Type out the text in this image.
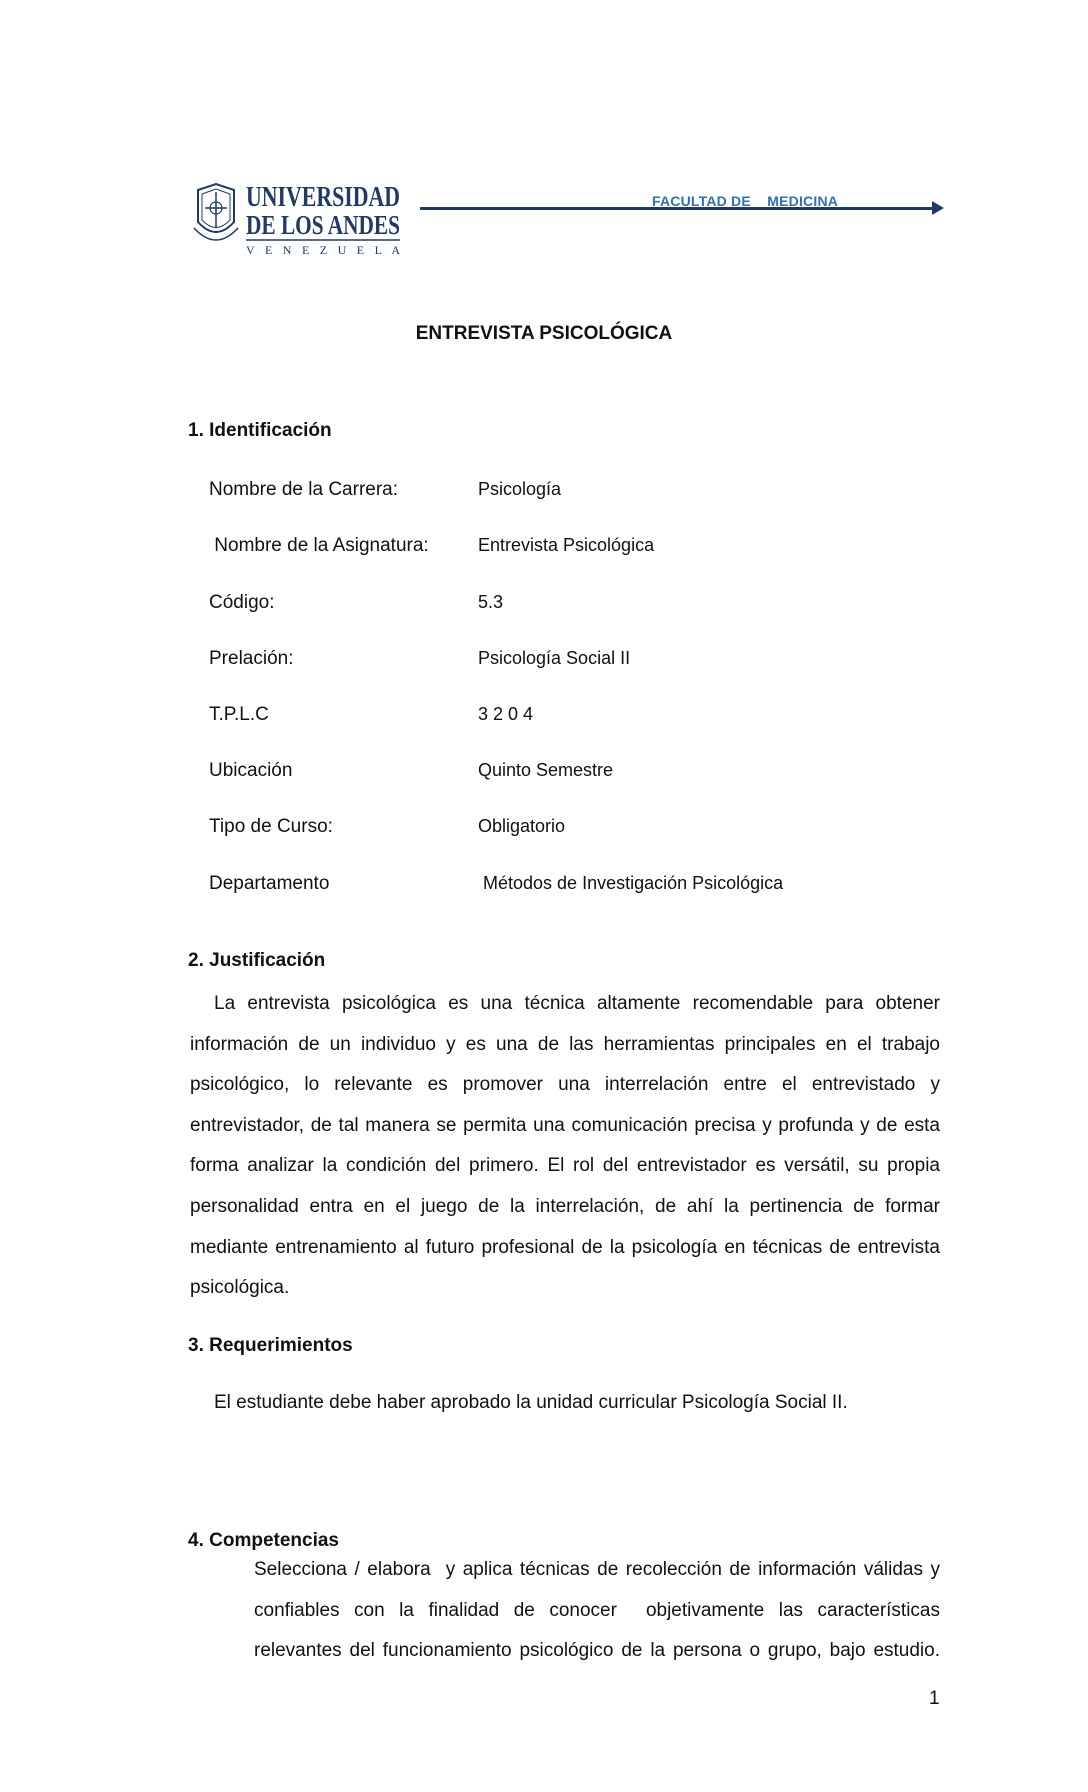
UNIVERSIDAD
DE LOS ANDES
V E N E Z U E L A
FACULTAD DE    MEDICINA
ENTREVISTA PSICOLÓGICA
1. Identificación
Nombre de la Carrera:	Psicología
Nombre de la Asignatura:	Entrevista Psicológica
Código:	5.3
Prelación:	Psicología Social II
T.P.L.C	3 2 0 4
Ubicación	Quinto Semestre
Tipo de Curso:	Obligatorio
Departamento	Métodos de Investigación Psicológica
2. Justificación
La entrevista psicológica es una técnica altamente recomendable para obtener
información de un individuo y es una de las herramientas principales en el trabajo
psicológico, lo relevante es promover una interrelación entre el entrevistado y
entrevistador, de tal manera se permita una comunicación precisa y profunda y de esta
forma analizar la condición del primero. El rol del entrevistador es versátil, su propia
personalidad entra en el juego de la interrelación, de ahí la pertinencia de formar
mediante entrenamiento al futuro profesional de la psicología en técnicas de entrevista
psicológica.
3. Requerimientos
El estudiante debe haber aprobado la unidad curricular Psicología Social II.
4. Competencias
Selecciona / elabora  y aplica técnicas de recolección de información válidas y
confiables con la finalidad de conocer  objetivamente las características
relevantes del funcionamiento psicológico de la persona o grupo, bajo estudio.
1
